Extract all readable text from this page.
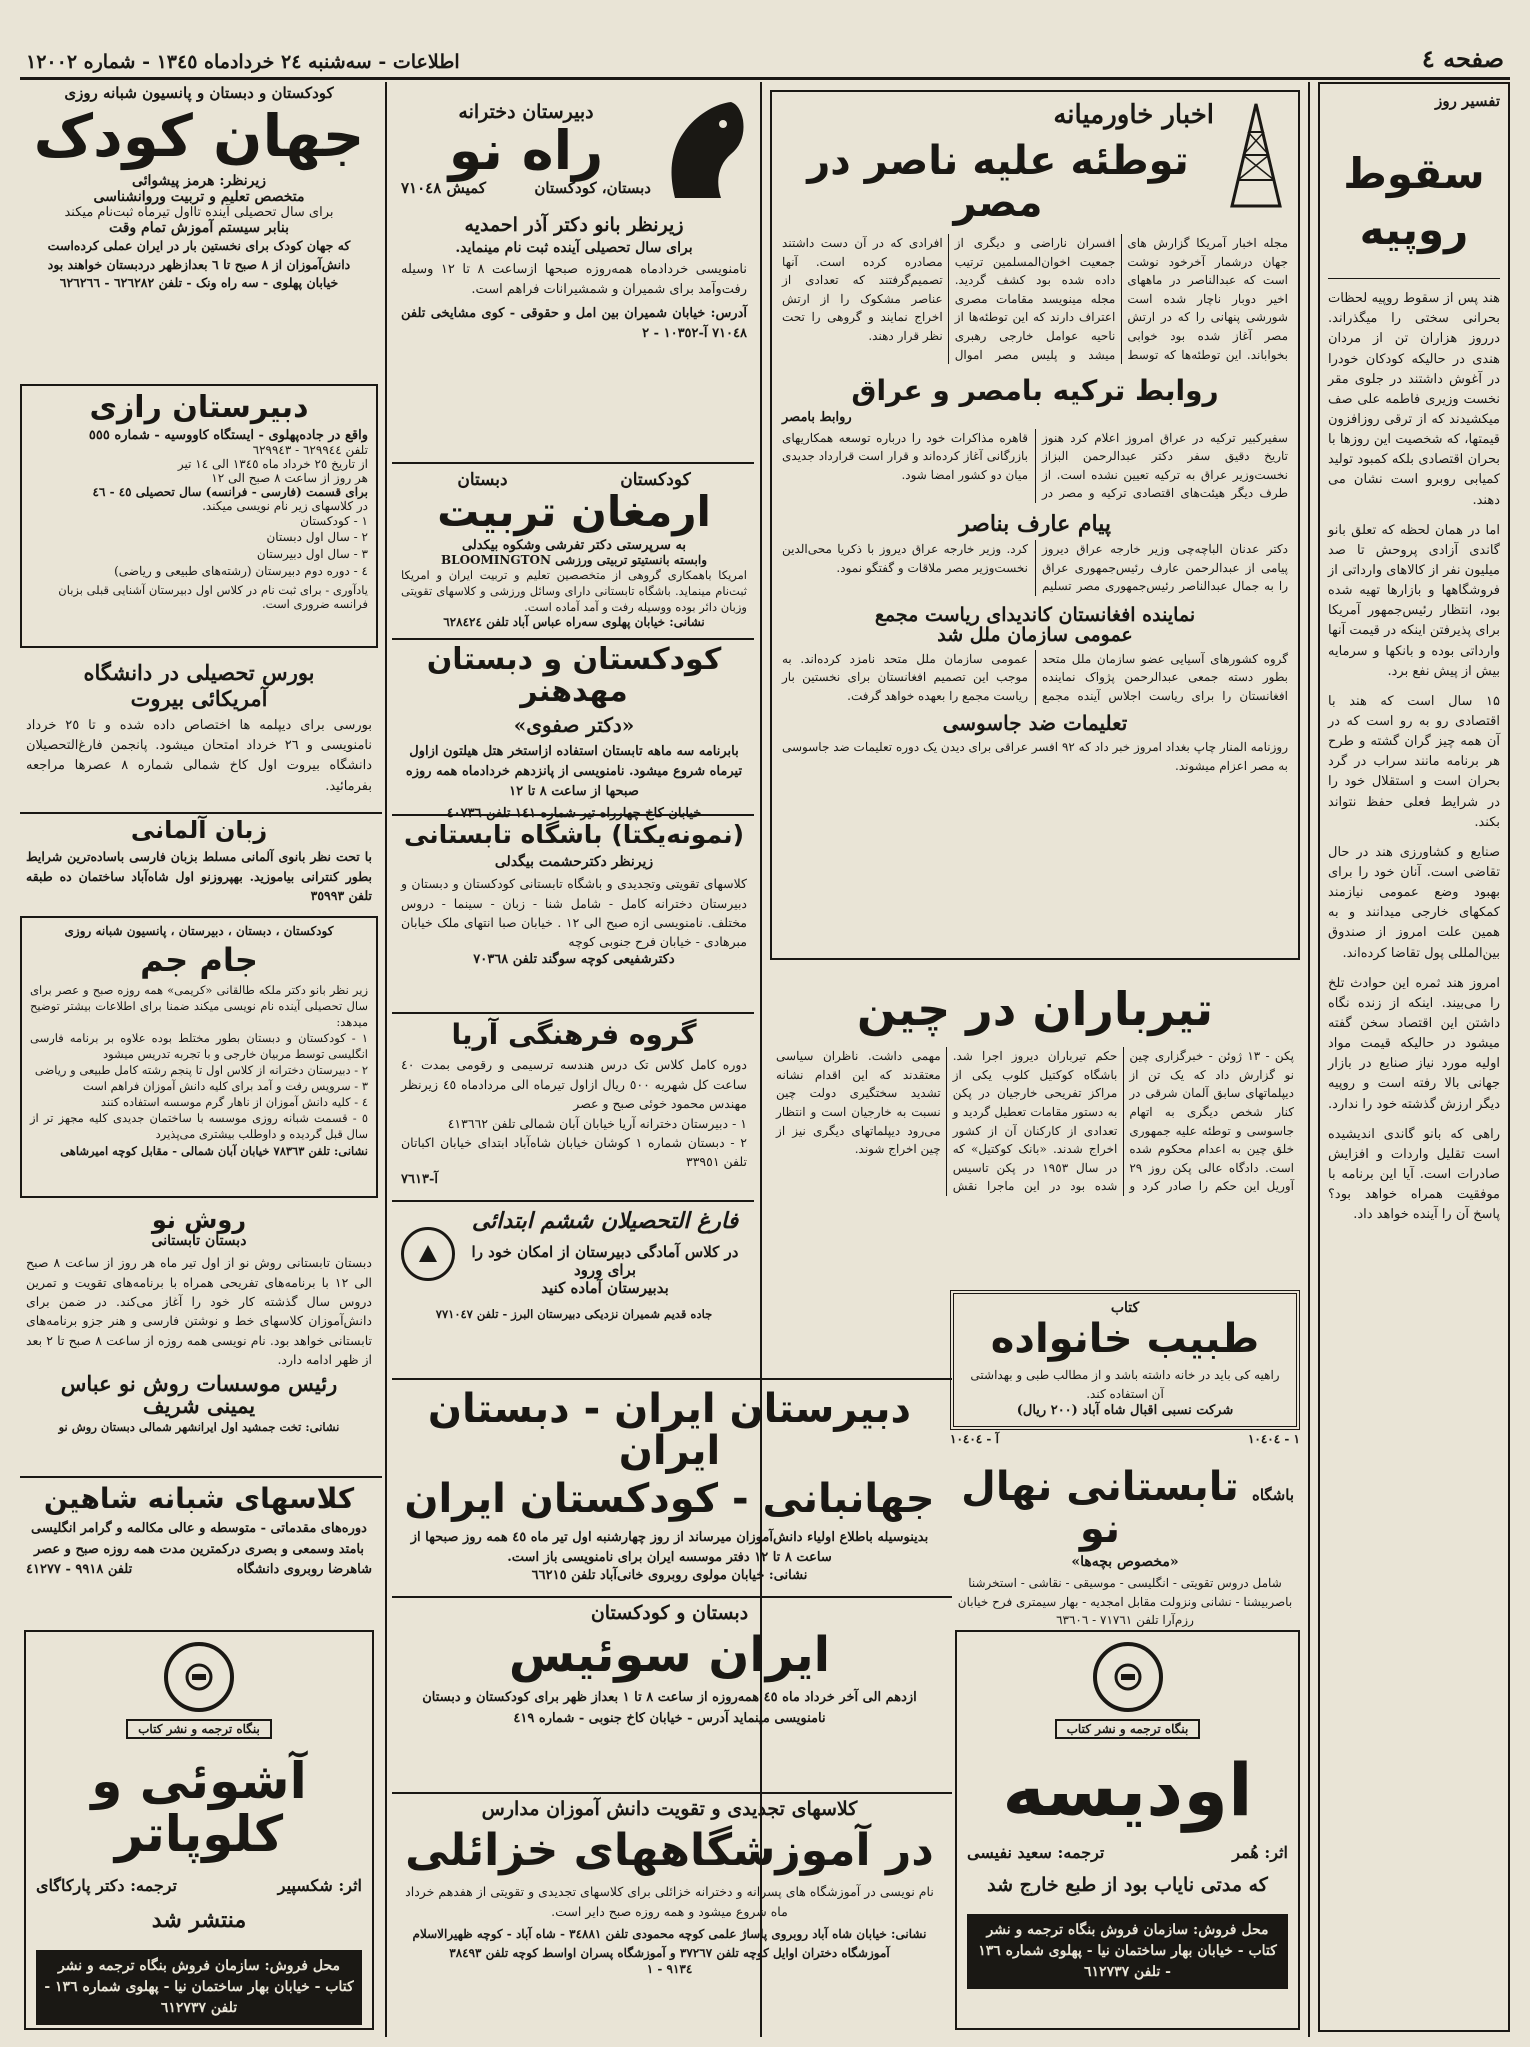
صفحه ٤
اطلاعات - سه‌شنبه ٢٤ خردادماه ١٣٤٥ - شماره ١٢٠٠٢
تفسیر روز
سقوط
روپیه

هند پس از سقوط روپیه لحظات بحرانی سختی را میگذراند. درروز هزاران تن از مردان هندی در حالیکه کودکان خودرا در آغوش داشتند در جلوی مقر نخست وزیری فاطمه علی صف میکشیدند که از ترقی روزافزون قیمتها، که شخصیت این روزها با بحران اقتصادی بلکه کمبود تولید کمیابی روبرو است نشان می دهند.

اما در همان لحظه که تعلق بانو گاندی آزادی پروحش تا صد میلیون نفر از کالاهای وارداتی از فروشگاهها و بازارها تهیه شده بود، انتظار رئیس‌جمهور آمریکا برای پذیرفتن اینکه در قیمت آنها وارداتی بوده و بانکها و سرمایه بیش از پیش نفع برد.

۱۵ سال است که هند با اقتصادی رو به رو است که در آن همه چیز گران گشته و طرح هر برنامه مانند سراب در گرد بحران است و استقلال خود را در شرایط فعلی حفظ نتواند بکند.

صنایع و کشاورزی هند در حال تقاضی است. آنان خود را برای بهبود وضع عمومی نیازمند کمکهای خارجی میدانند و به همین علت امروز از صندوق بین‌المللی پول تقاضا کرده‌اند.

امروز هند ثمره این حوادث تلخ را می‌بیند. اینکه از زنده نگاه داشتن این اقتصاد سخن گفته میشود در حالیکه قیمت مواد اولیه مورد نیاز صنایع در بازار جهانی بالا رفته است و روپیه دیگر ارزش گذشته خود را ندارد.

راهی که بانو گاندی اندیشیده است تقلیل واردات و افزایش صادرات است. آیا این برنامه با موفقیت همراه خواهد بود؟ پاسخ آن را آینده خواهد داد.

اخبار خاورمیانه
توطئه علیه ناصر در مصر
مجله اخبار آمریکا گزارش های جهان درشمار آخرخود نوشت است که عبدالناصر در ماههای اخیر دوبار ناچار شده است شورشی پنهانی را که در ارتش مصر آغاز شده بود خوابی بخواباند. این توطئه‌ها که توسط افسران ناراضی و دیگری از جمعیت اخوان‌المسلمین ترتیب داده شده بود کشف گردید. مجله مینویسد مقامات مصری اعتراف دارند که این توطئه‌ها از ناحیه عوامل خارجی رهبری میشد و پلیس مصر اموال افرادی که در آن دست داشتند مصادره کرده است. آنها تصمیم‌گرفتند که تعدادی از عناصر مشکوک را از ارتش اخراج نمایند و گروهی را تحت نظر قرار دهند.
روابط ترکیه بامصر و عراق
روابط بامصر
سفیرکبیر ترکیه در عراق امروز اعلام کرد هنوز تاریخ دقیق سفر دکتر عبدالرحمن البزاز نخست‌وزیر عراق به ترکیه تعیین نشده است. از طرف دیگر هیئت‌های اقتصادی ترکیه و مصر در قاهره مذاکرات خود را درباره توسعه همکاریهای بازرگانی آغاز کرده‌اند و قرار است قرارداد جدیدی میان دو کشور امضا شود.
پیام عارف بناصر
دکتر عدنان الباچه‌چی وزیر خارجه عراق دیروز پیامی از عبدالرحمن عارف رئیس‌جمهوری عراق را به جمال عبدالناصر رئیس‌جمهوری مصر تسلیم کرد. وزیر خارجه عراق دیروز با ذکریا محی‌الدین نخست‌وزیر مصر ملاقات و گفتگو نمود.
نماینده افغانستان کاندیدای ریاست مجمع
عمومی سازمان ملل شد
گروه کشورهای آسیایی عضو سازمان ملل متحد بطور دسته جمعی عبدالرحمن پژواک نماینده افغانستان را برای ریاست اجلاس آینده مجمع عمومی سازمان ملل متحد نامزد کرده‌اند. به موجب این تصمیم افغانستان برای نخستین بار ریاست مجمع را بعهده خواهد گرفت.
تعلیمات ضد جاسوسی
روزنامه المنار چاپ بغداد امروز خبر داد که ٩٢ افسر عراقی برای دیدن یک دوره تعلیمات ضد جاسوسی به مصر اعزام میشوند.
تیرباران در چین
پکن - ١٣ ژوئن - خبرگزاری چین نو گزارش داد که یک تن از دیپلماتهای سابق آلمان شرقی در کنار شخص دیگری به اتهام جاسوسی و توطئه علیه جمهوری خلق چین به اعدام محکوم شده است. دادگاه عالی پکن روز ٢٩ آوریل این حکم را صادر کرد و حکم تیرباران دیروز اجرا شد. باشگاه کوکتیل کلوب یکی از مراکز تفریحی خارجیان در پکن به دستور مقامات تعطیل گردید و تعدادی از کارکنان آن از کشور اخراج شدند. «بانک کوکتیل» که در سال ١٩٥٣ در پکن تاسیس شده بود در این ماجرا نقش مهمی داشت. ناظران سیاسی معتقدند که این اقدام نشانه تشدید سختگیری دولت چین نسبت به خارجیان است و انتظار می‌رود دیپلماتهای دیگری نیز از چین اخراج شوند.
کتاب
طبیب خانواده
راهیه کی باید در خانه داشته باشد و از مطالب طبی و بهداشتی آن استفاده کند.
شرکت نسبی اقبال شاه آباد (٢٠٠ ریال)
١ - ١٠٤٠٤
آ - ١٠٤٠٤
باشگاه
تابستانی نهال نو
«مخصوص بچه‌ها»
شامل دروس تقویتی - انگلیسی - موسیقی - نقاشی - استخرشنا باصربیشنا - نشانی ونزولت مقابل امجدیه - بهار سیمتری فرح خیابان رزم‌آرا تلفن ٧١٧٦١ - ٦٣٦٠٦
بنگاه ترجمه و نشر کتاب
اودیسه
اثر: هُمر
ترجمه: سعید نفیسی
که مدتی نایاب بود از طبع خارج شد
محل فروش: سازمان فروش بنگاه ترجمه و نشر کتاب - خیابان بهار ساختمان نیا - پهلوی شماره ١٣٦ - تلفن ٦١٢٧٣٧
دبیرستان دخترانه
راه نو
دبستان، کودکستان
کمیش ٧١٠٤٨
زیرنظر بانو دکتر آذر احمدیه
برای سال تحصیلی آینده ثبت نام مینماید.
نامنویسی خردادماه همه‌روزه صبحها ازساعت ٨ تا ١٢ وسیله رفت‌وآمد برای شمیران و شمشیرانات فراهم است.
آدرس: خیابان شمیران بین امل و حقوقی - کوی مشایخی تلفن ٧١٠٤٨ آ-١٠٣٥٢ - ٢
کودکستان
دبستان
ارمغان تربیت
به سرپرستی دکتر تفرشی وشکوه بیکدلی
وابسته بانستیتو تربیتی ورزشی BLOOMINGTON
امریکا باهمکاری گروهی از متخصصین تعلیم و تربیت ایران و امریکا ثبت‌نام مینماید. باشگاه تابستانی دارای وسائل ورزشی و کلاسهای تقویتی وزبان دائر بوده ووسیله رفت و آمد آماده است.
نشانی: خیابان پهلوی سه‌راه عباس آباد تلفن ٦٢٨٤٢٤
کودکستان و دبستان مهدهنر
«دکتر صفوی»
بابرنامه سه ماهه تابستان استفاده ازاستخر هتل هیلتون ازاول تیرماه شروع میشود. نامنویسی از پانزدهم خردادماه همه روزه صبحها از ساعت ٨ تا ١٢
(نمونه‌یکتا) باشگاه تابستانی
زیرنظر دکترحشمت بیگدلی
کلاسهای تقویتی وتجدیدی و باشگاه تابستانی کودکستان و دبستان و دبیرستان دخترانه کامل - شامل شنا - زبان - سینما - دروس مختلف. نامنویسی ازه صبح الی ١٢ . خیابان صبا انتهای ملک خیابان مبرهادی - خیابان فرح جنوبی کوچه
دکترشفیعی کوچه سوگند تلفن ٧٠٣٦٨
گروه فرهنگی آریا
دوره کامل کلاس تک درس هندسه ترسیمی و رقومی بمدت ٤٠ ساعت کل شهریه ٥٠٠ ریال ازاول تیرماه الی مردادماه ٤٥ زیرنظر مهندس محمود خوئی صبح و عصر
١ - دبیرستان دخترانه آریا خیابان آبان شمالی تلفن ٤١٣٦٦٢
٢ - دبستان شماره ١ کوشان خیابان شاه‌آباد ابتدای خیابان اکباتان تلفن ٣٣٩٥١
آ-٧٦١٣
فارغ التحصیلان ششم ابتدائی
در کلاس آمادگی دبیرستان از امکان خود را برای ورود
بدبیرستان آماده کنید
جاده قدیم شمیران نزدیکی دبیرستان البرز - تلفن ٧٧١٠٤٧
کودکستان و دبستان و پانسیون شبانه روزی
جهان کودک
زیرنظر: هرمز پیشوائی
متخصص تعلیم و تربیت وروانشناسی
برای سال تحصیلی آینده تااول تیرماه ثبت‌نام میکند
بنابر سیستم آموزش تمام وقت
که جهان کودک برای نخستین بار در ایران عملی کرده‌است دانش‌آموزان از ٨ صبح تا ٦ بعدازظهر دردبستان خواهند بود
خیابان پهلوی - سه راه ونک - تلفن ٦٢٦٢٨٢ - ٦٢٦٢٦٦
دبیرستان رازی
واقع در جاده‌پهلوی - ایستگاه کاووسیه - شماره ٥٥٥
تلفن ٦٢٩٩٤٤ - ٦٢٩٩٤٣
از تاریخ ٢٥ خرداد ماه ١٣٤٥ الی ١٤ تیر
هر روز از ساعت ٨ صبح الی ١٢
برای قسمت (فارسی - فرانسه) سال تحصیلی ٤٥ - ٤٦
در کلاسهای زیر نام نویسی میکند.
١ - کودکستان
٢ - سال اول دبستان
٣ - سال اول دبیرستان
٤ - دوره دوم دبیرستان (رشته‌های طبیعی و ریاضی)
یادآوری - برای ثبت نام در کلاس اول دبیرستان آشنایی قبلی بزبان فرانسه ضروری است.
بورس تحصیلی در دانشگاه
آمریکائی بیروت
بورسی برای دیپلمه ها اختصاص داده شده و تا ٢٥ خرداد نامنویسی و ٢٦ خرداد امتحان میشود. پانجمن فارغ‌التحصیلان دانشگاه بیروت اول کاخ شمالی شماره ٨ عصرها مراجعه بفرمائید.
زبان آلمانی
با تحت نظر بانوی آلمانی مسلط بزبان فارسی باساده‌ترین شرایط بطور کنترانی بیاموزید. بهپروزنو اول شاه‌آباد ساختمان ده طبقه تلفن ٣٥٩٩٣
کودکستان ، دبستان ، دبیرستان ، پانسیون شبانه روزی
جام جم
زیر نظر بانو دکتر ملکه طالقانی «کریمی» همه روزه صبح و عصر برای سال تحصیلی آینده نام نویسی میکند ضمنا برای اطلاعات بیشتر توضیح میدهد:
١ - کودکستان و دبستان بطور مختلط بوده علاوه بر برنامه فارسی انگلیسی توسط مربیان خارجی و با تجربه تدریس میشود
٢ - دبیرستان دخترانه از کلاس اول تا پنجم رشته کامل طبیعی و ریاضی
٣ - سرویس رفت و آمد برای کلیه دانش آموزان فراهم است
٤ - کلیه دانش آموزان از ناهار گرم موسسه استفاده کنند
٥ - قسمت شبانه روزی موسسه با ساختمان جدیدی کلیه مجهز تر از سال قبل گردیده و داوطلب بیشتری می‌پذیرد
نشانی: تلفن ٧٨٣٦٣ خیابان آبان شمالی - مقابل کوچه امیرشاهی
روش نو
دبستان تابستانی
دبستان تابستانی روش نو از اول تیر ماه هر روز از ساعت ٨ صبح الی ١٢ با برنامه‌های تفریحی همراه با برنامه‌های تقویت و تمرین دروس سال گذشته کار خود را آغاز می‌کند. در ضمن برای دانش‌آموزان کلاسهای خط و نوشتن فارسی و هنر جزو برنامه‌های تابستانی خواهد بود. نام نویسی همه روزه از ساعت ٨ صبح تا ٢ بعد از ظهر ادامه دارد.
رئیس موسسات روش نو عباس
یمینی شریف
نشانی: تخت جمشید اول ایرانشهر شمالی دبستان روش نو
کلاسهای شبانه شاهین
دوره‌های مقدماتی - متوسطه و عالی مکالمه و گرامر انگلیسی بامتد وسمعی و بصری درکمترین مدت همه روزه صبح و عصر
شاهرضا روبروی دانشگاه
تلفن ٩٩١٨ - ٤١٢٧٧
بنگاه ترجمه و نشر کتاب
آشوئی و کلوپاتر
اثر: شکسپیر
ترجمه: دکتر پارکاگای
منتشر شد
محل فروش: سازمان فروش بنگاه ترجمه و نشر کتاب - خیابان بهار ساختمان نیا - پهلوی شماره ١٣٦ - تلفن ٦١٢٧٣٧
دبیرستان ایران - دبستان ایران
جهانبانی - کودکستان ایران
بدینوسیله باطلاع اولیاء دانش‌آموزان میرساند از روز چهارشنبه اول تیر ماه ٤٥ همه روز صبحها از ساعت ٨ تا ١٢ دفتر موسسه ایران برای نامنویسی باز است.
نشانی: خیابان مولوی روبروی خانی‌آباد تلفن ٦٦٢١٥
دبستان و کودکستان
ایران سوئیس
ازدهم الی آخر خرداد ماه ٤٥ همه‌روزه از ساعت ٨ تا ١ بعداز ظهر برای کودکستان و دبستان نامنویسی مینماید آدرس - خیابان کاخ جنوبی - شماره ٤١٩
کلاسهای تجدیدی و تقویت دانش آموزان مدارس
در آموزشگاههای خزائلی
نام نویسی در آموزشگاه های پسرانه و دخترانه خزائلی برای کلاسهای تجدیدی و تقویتی از هفدهم خرداد ماه شروع میشود و همه روزه صبح دایر است.
نشانی: خیابان شاه آباد روبروی پاساژ علمی کوچه محمودی تلفن ٣٤٨٨١ - شاه آباد - کوچه ظهیرالاسلام آموزشگاه دختران اوایل کوچه تلفن ٣٧٢٦٧ و آموزشگاه پسران اواسط کوچه تلفن ٣٨٤٩٣
٩١٣٤ - ١
